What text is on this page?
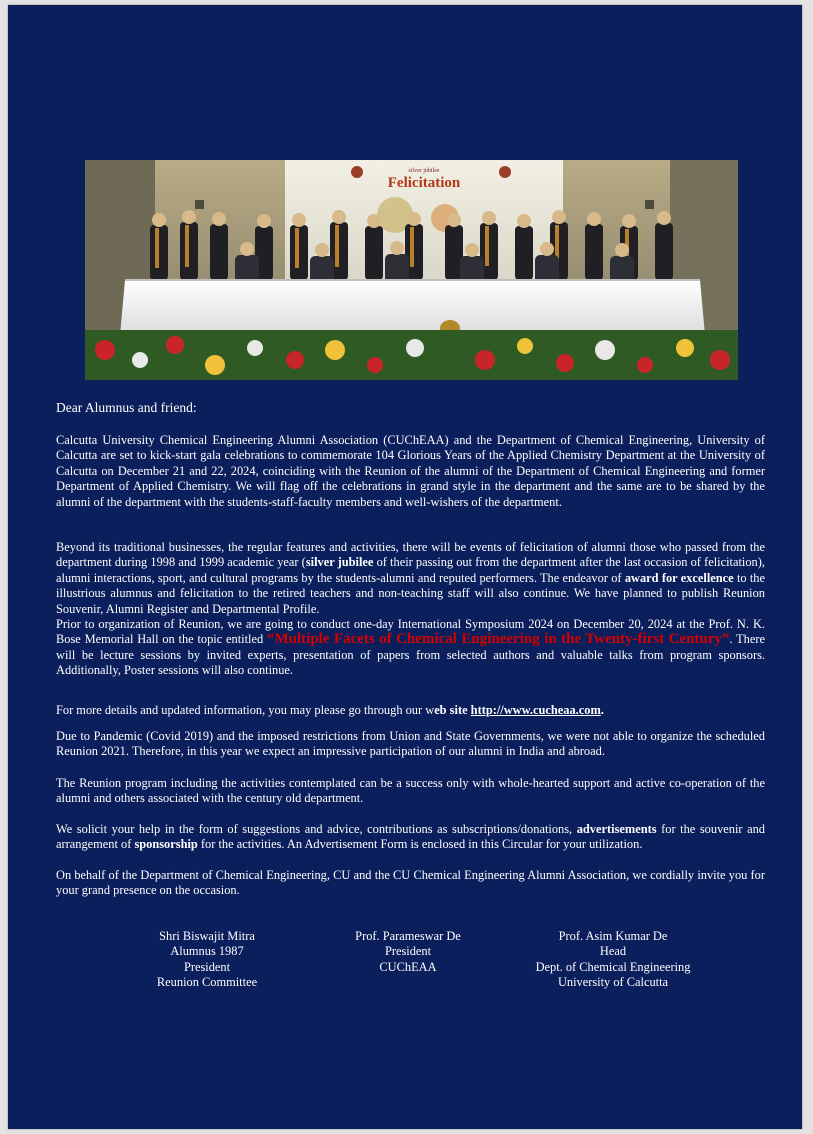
silver jubilee
Felicitation
Dear Alumnus and friend:
Calcutta University Chemical Engineering Alumni Association (CUChEAA) and the Department of Chemical Engineering, University of Calcutta are set to kick-start gala celebrations to commemorate 104 Glorious Years of the Applied Chemistry Department at the University of Calcutta on December 21 and 22, 2024, coinciding with the Reunion of the alumni of the Department of Chemical Engineering and former Department of Applied Chemistry. We will flag off the celebrations in grand style in the department and the same are to be shared by the alumni of the department with the students-staff-faculty members and well-wishers of the department.
Beyond its traditional businesses, the regular features and activities, there will be events of felicitation of alumni those who passed from the department during 1998 and 1999 academic year (silver jubilee of their passing out from the department after the last occasion of felicitation), alumni interactions, sport, and cultural programs by the students-alumni and reputed performers. The endeavor of award for excellence to the illustrious alumnus and felicitation to the retired teachers and non-teaching staff will also continue. We have planned to publish Reunion Souvenir, Alumni Register and Departmental Profile.
Prior to organization of Reunion, we are going to conduct one-day International Symposium 2024 on December 20, 2024 at the Prof. N. K. Bose Memorial Hall on the topic entitled “Multiple Facets of Chemical Engineering in the Twenty-first Century”. There will be lecture sessions by invited experts, presentation of papers from selected authors and valuable talks from program sponsors. Additionally, Poster sessions will also continue.
For more details and updated information, you may please go through our web site http://www.cucheaa.com.
Due to Pandemic (Covid 2019) and the imposed restrictions from Union and State Governments, we were not able to organize the scheduled Reunion 2021. Therefore, in this year we expect an impressive participation of our alumni in India and abroad.
The Reunion program including the activities contemplated can be a success only with whole-hearted support and active co-operation of the alumni and others associated with the century old department.
We solicit your help in the form of suggestions and advice, contributions as subscriptions/donations, advertisements for the souvenir and arrangement of sponsorship for the activities. An Advertisement Form is enclosed in this Circular for your utilization.
On behalf of the Department of Chemical Engineering, CU and the CU Chemical Engineering Alumni Association, we cordially invite you for your grand presence on the occasion.
Shri Biswajit Mitra
Alumnus 1987
President
Reunion Committee
Prof. Parameswar De
President
CUChEAA
Prof. Asim Kumar De
Head
Dept. of Chemical Engineering
University of Calcutta
